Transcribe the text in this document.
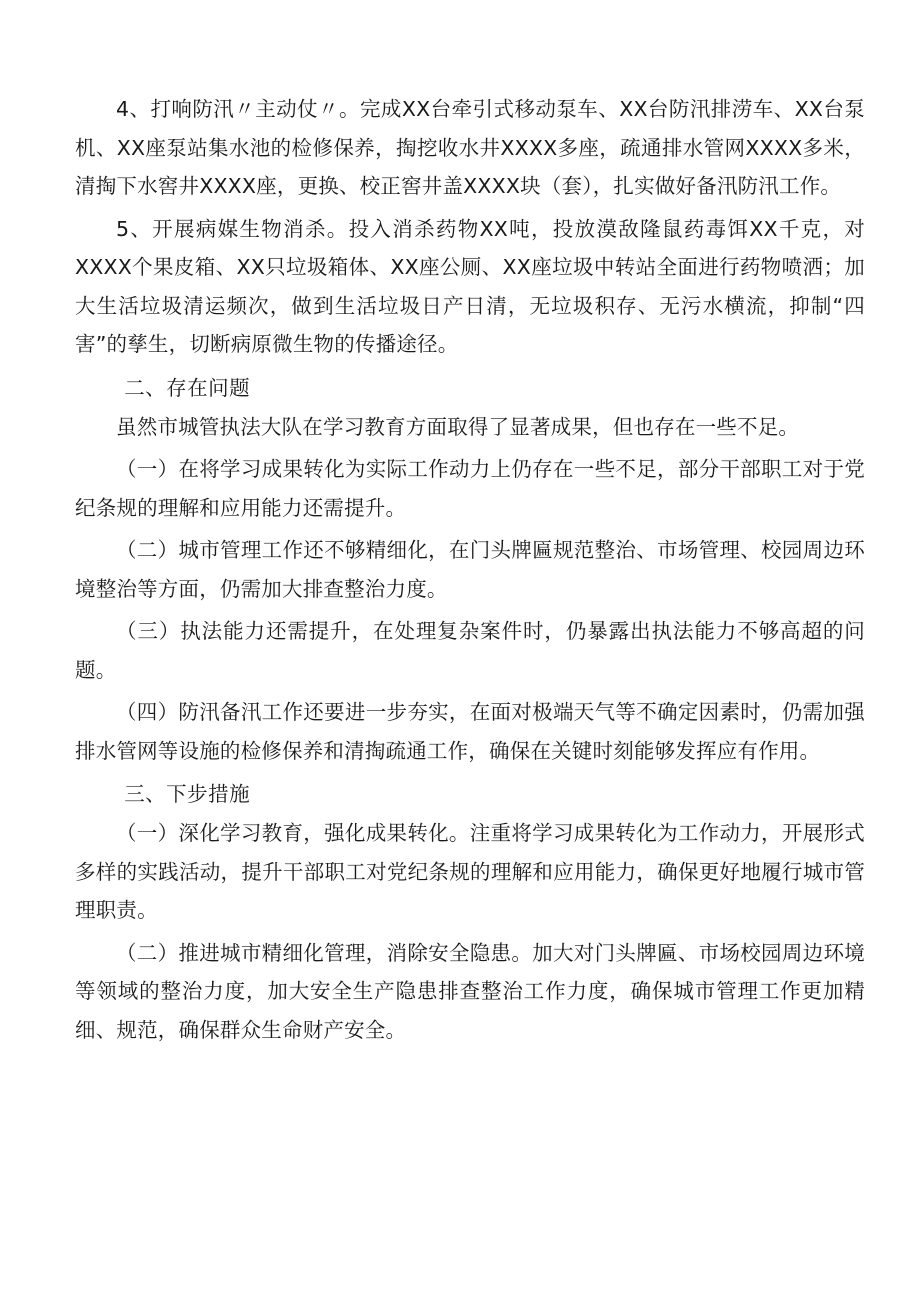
4、打响防汛〃主动仗〃。完成XX台牵引式移动泵车、XX台防汛排涝车、XX台泵机、XX座泵站集水池的检修保养，掏挖收水井XXXX多座，疏通排水管网XXXX多米，清掏下水窖井XXXX座，更换、校正窖井盖XXXX块（套），扎实做好备汛防汛工作。

5、开展病媒生物消杀。投入消杀药物XX吨，投放漠敌隆鼠药毒饵XX千克，对XXXX个果皮箱、XX只垃圾箱体、XX座公厕、XX座垃圾中转站全面进行药物喷洒；加大生活垃圾清运频次，做到生活垃圾日产日清，无垃圾积存、无污水横流，抑制“四害”的孳生，切断病原微生物的传播途径。

二、存在问题

虽然市城管执法大队在学习教育方面取得了显著成果，但也存在一些不足。

（一）在将学习成果转化为实际工作动力上仍存在一些不足，部分干部职工对于党纪条规的理解和应用能力还需提升。

（二）城市管理工作还不够精细化，在门头牌匾规范整治、市场管理、校园周边环境整治等方面，仍需加大排查整治力度。

（三）执法能力还需提升，在处理复杂案件时，仍暴露出执法能力不够高超的问题。

（四）防汛备汛工作还要进一步夯实，在面对极端天气等不确定因素时，仍需加强排水管网等设施的检修保养和清掏疏通工作，确保在关键时刻能够发挥应有作用。

三、下步措施

（一）深化学习教育，强化成果转化。注重将学习成果转化为工作动力，开展形式多样的实践活动，提升干部职工对党纪条规的理解和应用能力，确保更好地履行城市管理职责。

（二）推进城市精细化管理，消除安全隐患。加大对门头牌匾、市场校园周边环境等领域的整治力度，加大安全生产隐患排查整治工作力度，确保城市管理工作更加精细、规范，确保群众生命财产安全。
